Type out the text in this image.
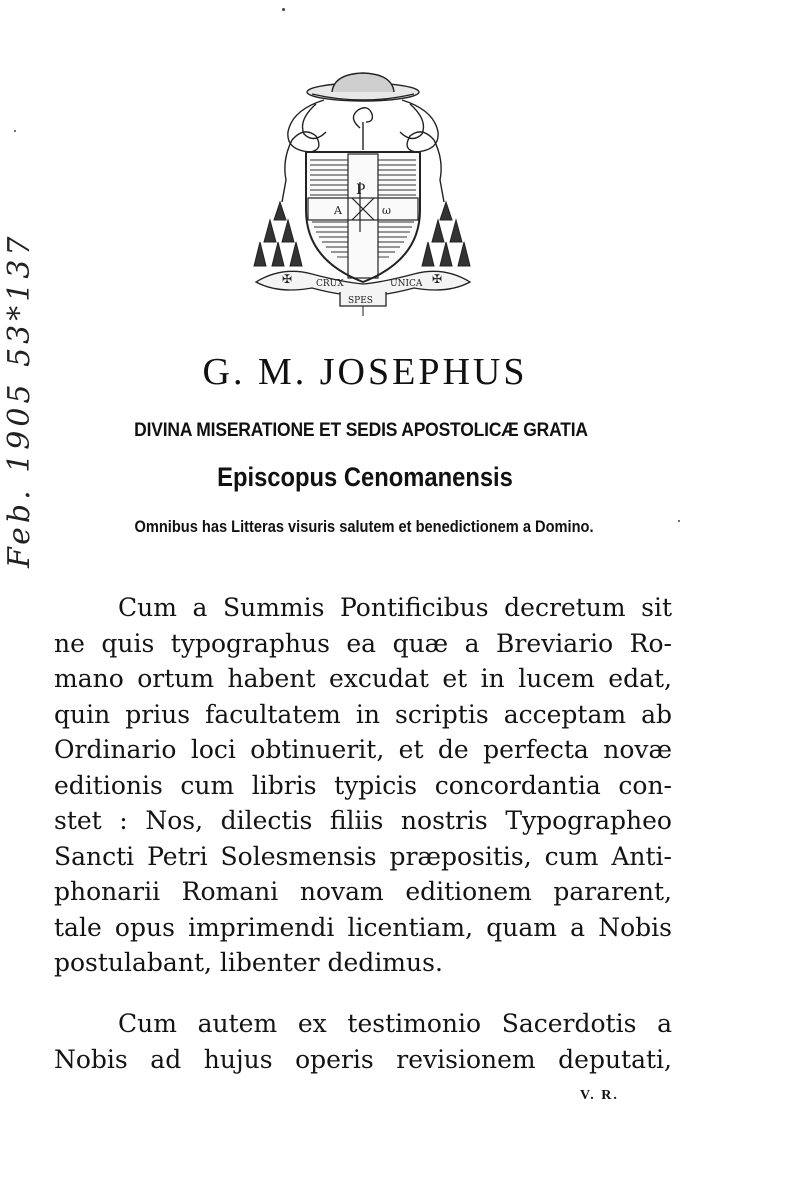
P
A	ω
✠	✠
CRUX
SPES
UNICA
Feb. 1905 53*137	G. M. JOSEPHUS
DIVINA MISERATIONE ET SEDIS APOSTOLICÆ GRATIA
Episcopus Cenomanensis
Omnibus has Litteras visuris salutem et benedictionem a Domino.
Cum a Summis Pontificibus decretum sit
ne quis typographus ea quæ a Breviario Ro-
mano ortum habent excudat et in lucem edat,
quin prius facultatem in scriptis acceptam ab
Ordinario loci obtinuerit, et de perfecta novæ
editionis cum libris typicis concordantia con-
stet : Nos, dilectis filiis nostris Typographeo
Sancti Petri Solesmensis præpositis, cum Anti-
phonarii Romani novam editionem pararent,
tale opus imprimendi licentiam, quam a Nobis
postulabant, libenter dedimus.
Cum autem ex testimonio Sacerdotis a
Nobis ad hujus operis revisionem deputati,
V. R.
